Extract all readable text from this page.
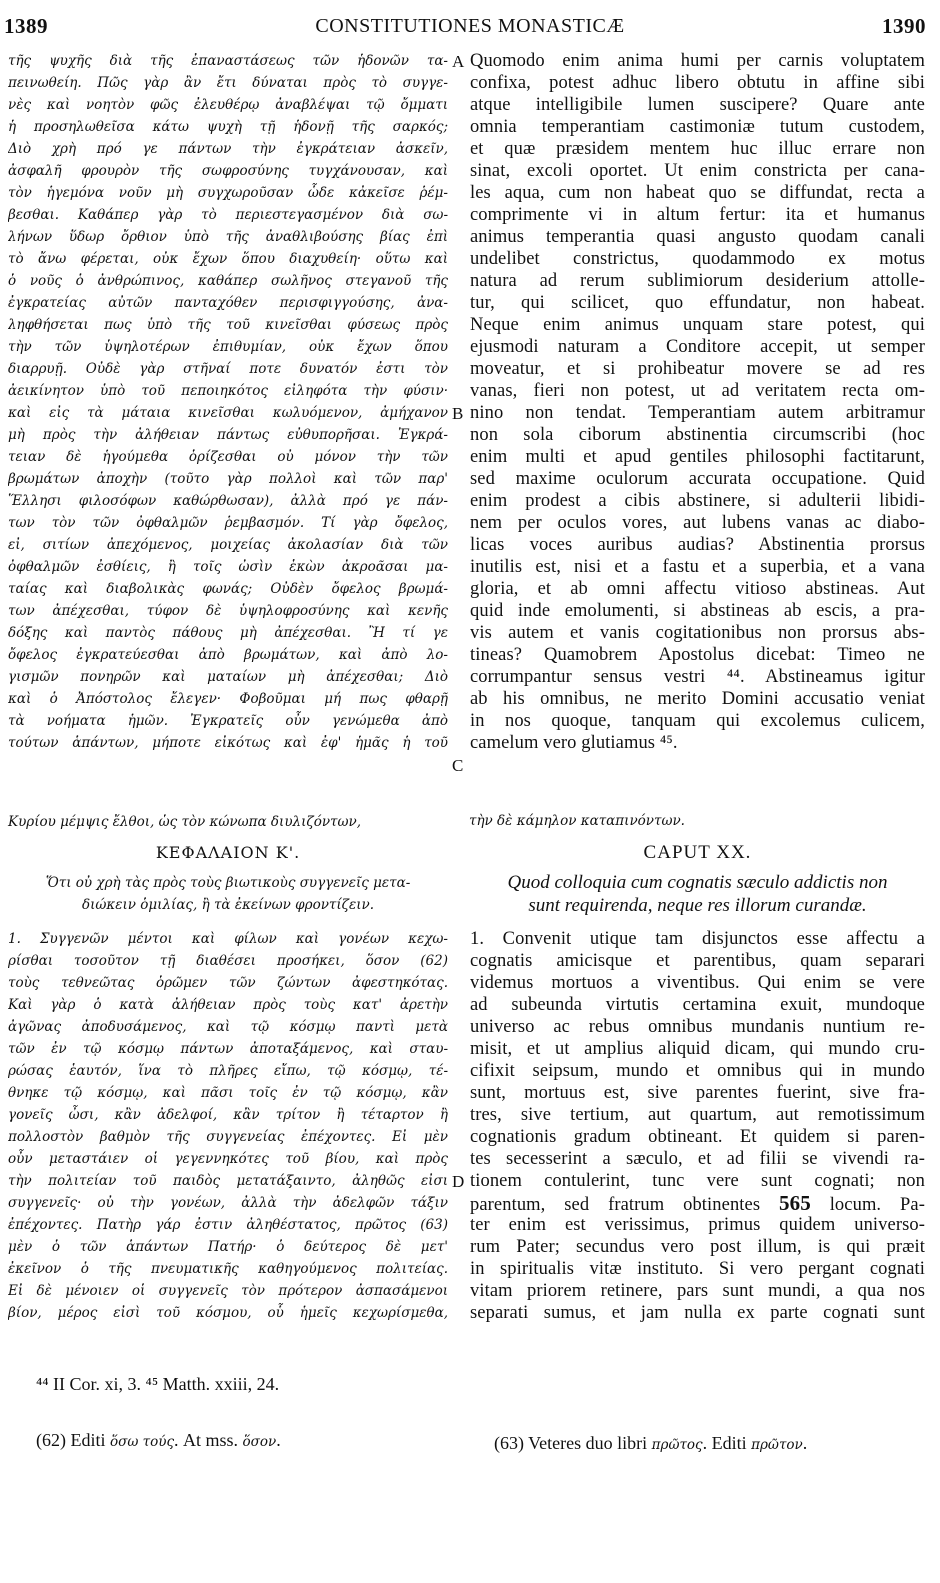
1389	CONSTITUTIONES MONASTICÆ	1390
τῆς ψυχῆς διὰ τῆς ἐπαναστάσεως τῶν ἡδονῶν τα-
πεινωθείη. Πῶς γὰρ ἂν ἔτι δύναται πρὸς τὸ συγγε-
νὲς καὶ νοητὸν φῶς ἐλευθέρῳ ἀναβλέψαι τῷ ὄμματι
ἡ προσηλωθεῖσα κάτω ψυχὴ τῇ ἡδονῇ τῆς σαρκός;
Διὸ χρὴ πρό γε πάντων τὴν ἐγκράτειαν ἀσκεῖν,
ἀσφαλῆ φρουρὸν τῆς σωφροσύνης τυγχάνουσαν, καὶ
τὸν ἡγεμόνα νοῦν μὴ συγχωροῦσαν ὧδε κἀκεῖσε ῥέμ-
βεσθαι. Καθάπερ γὰρ τὸ περιεστεγασμένον διὰ σω-
λήνων ὕδωρ ὄρθιον ὑπὸ τῆς ἀναθλιβούσης βίας ἐπὶ
τὸ ἄνω φέρεται, οὐκ ἔχων ὅπου διαχυθείη· οὕτω καὶ
ὁ νοῦς ὁ ἀνθρώπινος, καθάπερ σωλῆνος στεγανοῦ τῆς
ἐγκρατείας αὐτῶν πανταχόθεν περισφιγγούσης, ἀνα-
ληφθήσεται πως ὑπὸ τῆς τοῦ κινεῖσθαι φύσεως πρὸς
τὴν τῶν ὑψηλοτέρων ἐπιθυμίαν, οὐκ ἔχων ὅπου
διαρρυῇ. Οὐδὲ γὰρ στῆναί ποτε δυνατόν ἐστι τὸν
ἀεικίνητον ὑπὸ τοῦ πεποιηκότος εἰληφότα τὴν φύσιν·
καὶ εἰς τὰ μάταια κινεῖσθαι κωλυόμενον, ἀμήχανον
μὴ πρὸς τὴν ἀλήθειαν πάντως εὐθυπορῆσαι. Ἐγκρά-
τειαν δὲ ἡγούμεθα ὁρίζεσθαι οὐ μόνον τὴν τῶν
βρωμάτων ἀποχὴν (τοῦτο γὰρ πολλοὶ καὶ τῶν παρ'
Ἕλλησι φιλοσόφων καθώρθωσαν), ἀλλὰ πρό γε πάν-
των τὸν τῶν ὀφθαλμῶν ῥεμβασμόν. Τί γὰρ ὄφελος,
εἰ, σιτίων ἀπεχόμενος, μοιχείας ἀκολασίαν διὰ τῶν
ὀφθαλμῶν ἐσθίεις, ἢ τοῖς ὠσὶν ἑκὼν ἀκροᾶσαι μα-
ταίας καὶ διαβολικὰς φωνάς; Οὐδὲν ὄφελος βρωμά-
των ἀπέχεσθαι, τύφον δὲ ὑψηλοφροσύνης καὶ κενῆς
δόξης καὶ παντὸς πάθους μὴ ἀπέχεσθαι. Ἢ τί γε
ὄφελος ἐγκρατεύεσθαι ἀπὸ βρωμάτων, καὶ ἀπὸ λο-
γισμῶν πονηρῶν καὶ ματαίων μὴ ἀπέχεσθαι; Διὸ
καὶ ὁ Ἀπόστολος ἔλεγεν· Φοβοῦμαι μή πως φθαρῇ
τὰ νοήματα ἡμῶν. Ἐγκρατεῖς οὖν γενώμεθα ἀπὸ
τούτων ἁπάντων, μήποτε εἰκότως καὶ ἐφ' ἡμᾶς ἡ τοῦ
Quomodo enim anima humi per carnis voluptatem
confixa, potest adhuc libero obtutu in affine sibi
atque intelligibile lumen suscipere? Quare ante
omnia temperantiam castimoniæ tutum custodem,
et quæ præsidem mentem huc illuc errare non
sinat, excoli oportet. Ut enim constricta per cana-
les aqua, cum non habeat quo se diffundat, recta a
comprimente vi in altum fertur: ita et humanus
animus temperantia quasi angusto quodam canali
undelibet constrictus, quodammodo ex motus
natura ad rerum sublimiorum desiderium attolle-
tur, qui scilicet, quo effundatur, non habeat.
Neque enim animus unquam stare potest, qui
ejusmodi naturam a Conditore accepit, ut semper
moveatur, et si prohibeatur movere se ad res
vanas, fieri non potest, ut ad veritatem recta om-
nino non tendat. Temperantiam autem arbitramur
non sola ciborum abstinentia circumscribi (hoc
enim multi et apud gentiles philosophi factitarunt,
sed maxime oculorum accurata occupatione. Quid
enim prodest a cibis abstinere, si adulterii libidi-
nem per oculos vores, aut lubens vanas ac diabo-
licas voces auribus audias? Abstinentia prorsus
inutilis est, nisi et a fastu et a superbia, et a vana
gloria, et ab omni affectu vitioso abstineas. Aut
quid inde emolumenti, si abstineas ab escis, a pra-
vis autem et vanis cogitationibus non prorsus abs-
tineas? Quamobrem Apostolus dicebat: Timeo ne
corrumpantur sensus vestri ⁴⁴. Abstineamus igitur
ab his omnibus, ne merito Domini accusatio veniat
in nos quoque, tanquam qui excolemus culicem,
camelum vero glutiamus ⁴⁵.
A
B
C
D
Κυρίου μέμψις ἔλθοι, ὡς τὸν κώνωπα διυλιζόντων,	τὴν δὲ κάμηλον καταπινόντων.
ΚΕΦΑΛΑΙΟΝ Κ'.	CAPUT XX.
Ὅτι οὐ χρὴ τὰς πρὸς τοὺς βιωτικοὺς συγγενεῖς μετα-
διώκειν ὁμιλίας, ἢ τὰ ἐκείνων φροντίζειν.
Quod colloquia cum cognatis sæculo addictis non
sunt requirenda, neque res illorum curandæ.
1. Συγγενῶν μέντοι καὶ φίλων καὶ γονέων κεχω-
ρίσθαι τοσοῦτον τῇ διαθέσει προσήκει, ὅσον (62)
τοὺς τεθνεῶτας ὁρῶμεν τῶν ζώντων ἀφεστηκότας.
Καὶ γὰρ ὁ κατὰ ἀλήθειαν πρὸς τοὺς κατ' ἀρετὴν
ἀγῶνας ἀποδυσάμενος, καὶ τῷ κόσμῳ παντὶ μετὰ
τῶν ἐν τῷ κόσμῳ πάντων ἀποταξάμενος, καὶ σταυ-
ρώσας ἑαυτόν, ἵνα τὸ πλῆρες εἴπω, τῷ κόσμῳ, τέ-
θνηκε τῷ κόσμῳ, καὶ πᾶσι τοῖς ἐν τῷ κόσμῳ, κἂν
γονεῖς ὦσι, κἂν ἀδελφοί, κἂν τρίτον ἢ τέταρτον ἢ
πολλοστὸν βαθμὸν τῆς συγγενείας ἐπέχοντες. Εἰ μὲν
οὖν μεταστάιεν οἱ γεγεννηκότες τοῦ βίου, καὶ πρὸς
τὴν πολιτείαν τοῦ παιδὸς μετατάξαιντο, ἀληθῶς εἰσι
συγγενεῖς· οὐ τὴν γονέων, ἀλλὰ τὴν ἀδελφῶν τάξιν
ἐπέχοντες. Πατὴρ γάρ ἐστιν ἀληθέστατος, πρῶτος (63)
μὲν ὁ τῶν ἁπάντων Πατήρ· ὁ δεύτερος δὲ μετ'
ἐκεῖνον ὁ τῆς πνευματικῆς καθηγούμενος πολιτείας.
Εἰ δὲ μένοιεν οἱ συγγενεῖς τὸν πρότερον ἀσπασάμενοι
βίον, μέρος εἰσὶ τοῦ κόσμου, οὗ ἡμεῖς κεχωρίσμεθα,
1. Convenit utique tam disjunctos esse affectu a
cognatis amicisque et parentibus, quam separari
videmus mortuos a viventibus. Qui enim se vere
ad subeunda virtutis certamina exuit, mundoque
universo ac rebus omnibus mundanis nuntium re-
misit, et ut amplius aliquid dicam, qui mundo cru-
cifixit seipsum, mundo et omnibus qui in mundo
sunt, mortuus est, sive parentes fuerint, sive fra-
tres, sive tertium, aut quartum, aut remotissimum
cognationis gradum obtineant. Et quidem si paren-
tes secesserint a sæculo, et ad filii se vivendi ra-
tionem contulerint, tunc vere sunt cognati; non
parentum, sed fratrum obtinentes 565 locum. Pa-
ter enim est verissimus, primus quidem universo-
rum Pater; secundus vero post illum, is qui præit
in spiritualis vitæ instituto. Si vero pergant cognati
vitam priorem retinere, pars sunt mundi, a qua nos
separati sumus, et jam nulla ex parte cognati sunt
⁴⁴ II Cor. xi, 3. ⁴⁵ Matth. xxiii, 24.
(62) Editi ὅσω τούς. At mss. ὅσον.	(63) Veteres duo libri πρῶτος. Editi πρῶτον.
